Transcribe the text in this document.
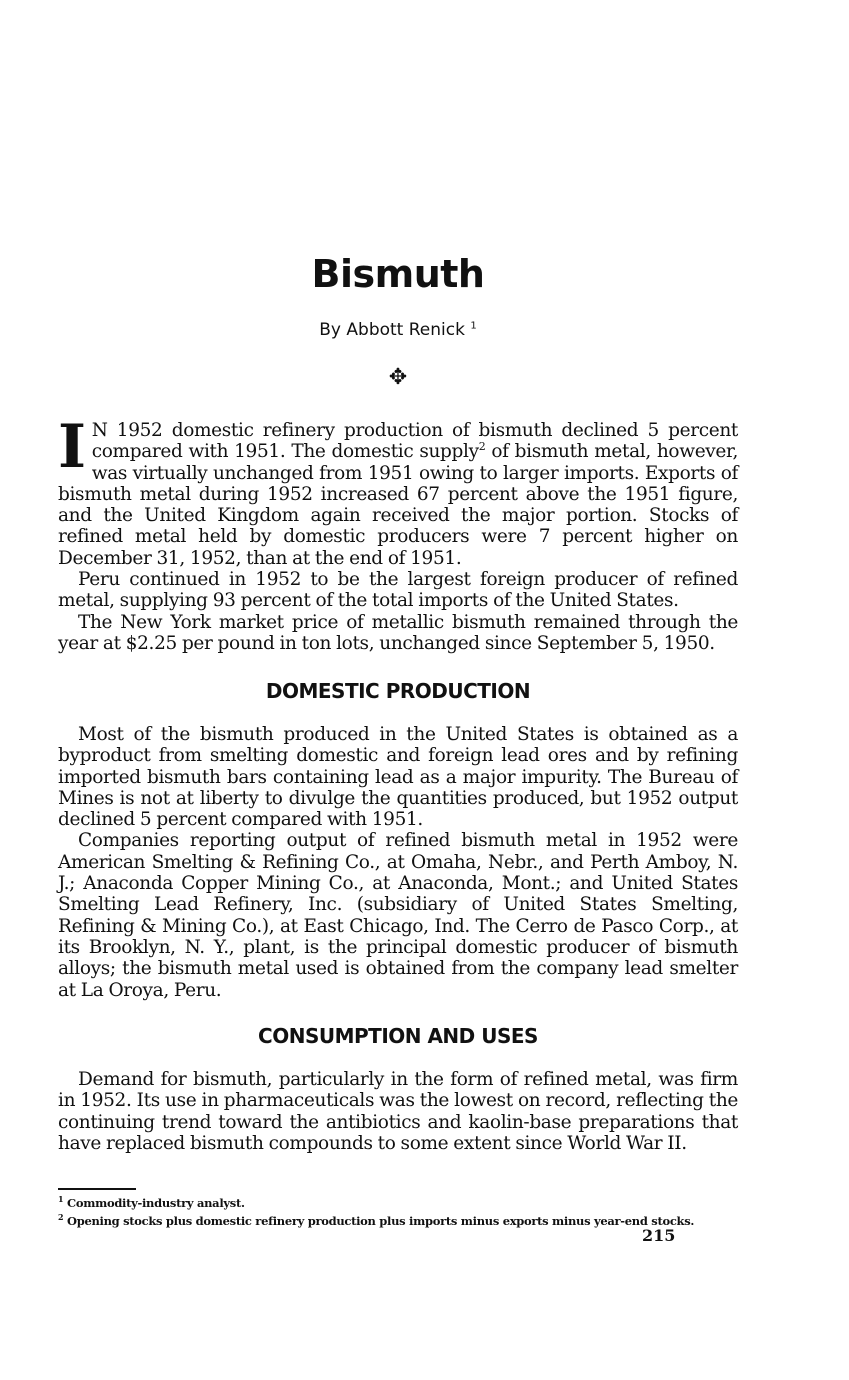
Bismuth

By Abbott Renick $^1$

✥

I N 1952 domestic refinery production of bismuth declined 5 percent compared with 1951. The domestic supply$^2$ of bismuth metal, however, was virtually unchanged from 1951 owing to larger imports. Exports of bismuth metal during 1952 increased 67 percent above the 1951 figure, and the United Kingdom again received the major portion. Stocks of refined metal held by domestic producers were 7 percent higher on December 31, 1952, than at the end of 1951.

Peru continued in 1952 to be the largest foreign producer of refined metal, supplying 93 percent of the total imports of the United States.

The New York market price of metallic bismuth remained through the year at $2.25 per pound in ton lots, unchanged since September 5, 1950.

DOMESTIC PRODUCTION

Most of the bismuth produced in the United States is obtained as a byproduct from smelting domestic and foreign lead ores and by refining imported bismuth bars containing lead as a major impurity. The Bureau of Mines is not at liberty to divulge the quantities produced, but 1952 output declined 5 percent compared with 1951.

Companies reporting output of refined bismuth metal in 1952 were American Smelting & Refining Co., at Omaha, Nebr., and Perth Amboy, N. J.; Anaconda Copper Mining Co., at Anaconda, Mont.; and United States Smelting Lead Refinery, Inc. (subsidiary of United States Smelting, Refining & Mining Co.), at East Chicago, Ind. The Cerro de Pasco Corp., at its Brooklyn, N. Y., plant, is the principal domestic producer of bismuth alloys; the bismuth metal used is obtained from the company lead smelter at La Oroya, Peru.

CONSUMPTION AND USES

Demand for bismuth, particularly in the form of refined metal, was firm in 1952. Its use in pharmaceuticals was the lowest on record, reflecting the continuing trend toward the antibiotics and kaolin-base preparations that have replaced bismuth compounds to some extent since World War II.

$^1$ Commodity-industry analyst.

$^2$ Opening stocks plus domestic refinery production plus imports minus exports minus year-end stocks.

215
